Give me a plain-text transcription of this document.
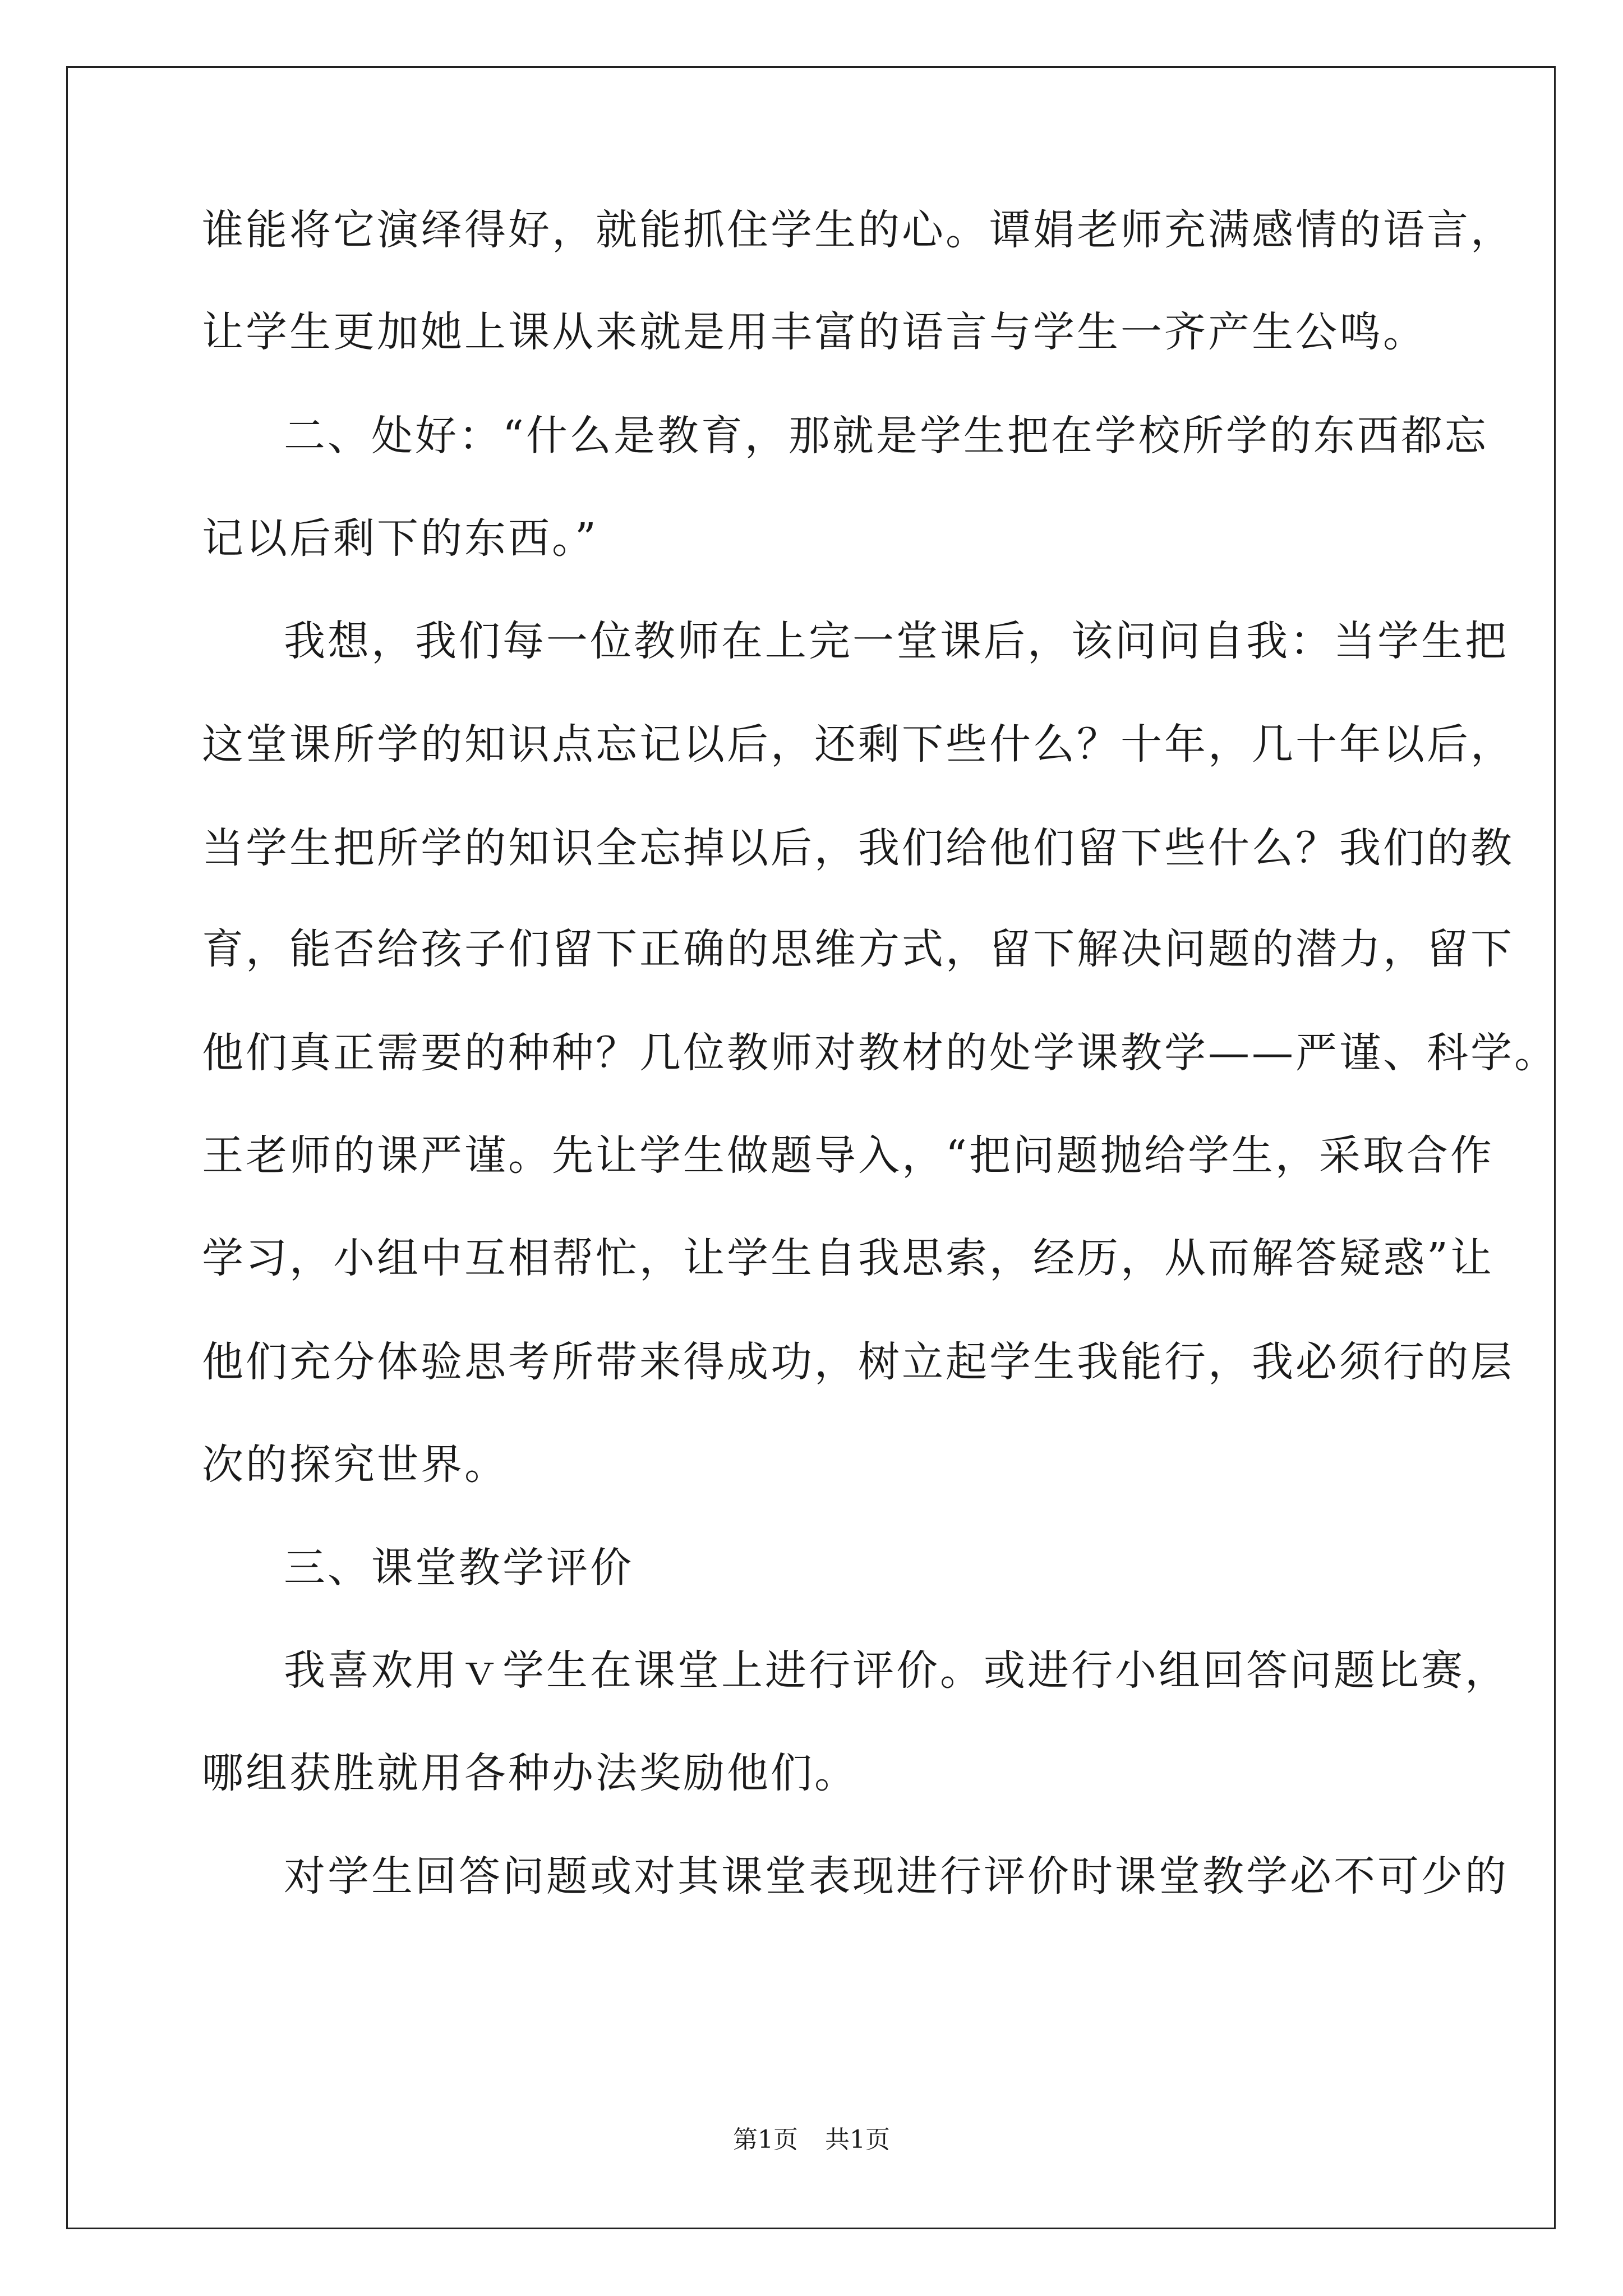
谁能将它演绎得好，就能抓住学生的心。谭娟老师充满感情的语言，

让学生更加她上课从来就是用丰富的语言与学生一齐产生公鸣。

二、处好：“什么是教育，那就是学生把在学校所学的东西都忘

记以后剩下的东西。”

我想，我们每一位教师在上完一堂课后，该问问自我：当学生把

这堂课所学的知识点忘记以后，还剩下些什么？十年，几十年以后，

当学生把所学的知识全忘掉以后，我们给他们留下些什么？我们的教

育，能否给孩子们留下正确的思维方式，留下解决问题的潜力，留下

他们真正需要的种种？几位教师对教材的处学课教学——严谨、科学。

王老师的课严谨。先让学生做题导入，“把问题抛给学生，采取合作

学习，小组中互相帮忙，让学生自我思索，经历，从而解答疑惑”让

他们充分体验思考所带来得成功，树立起学生我能行，我必须行的层

次的探究世界。

三、课堂教学评价

我喜欢用ｖ学生在课堂上进行评价。或进行小组回答问题比赛，

哪组获胜就用各种办法奖励他们。

对学生回答问题或对其课堂表现进行评价时课堂教学必不可少的

第1页 共1页
